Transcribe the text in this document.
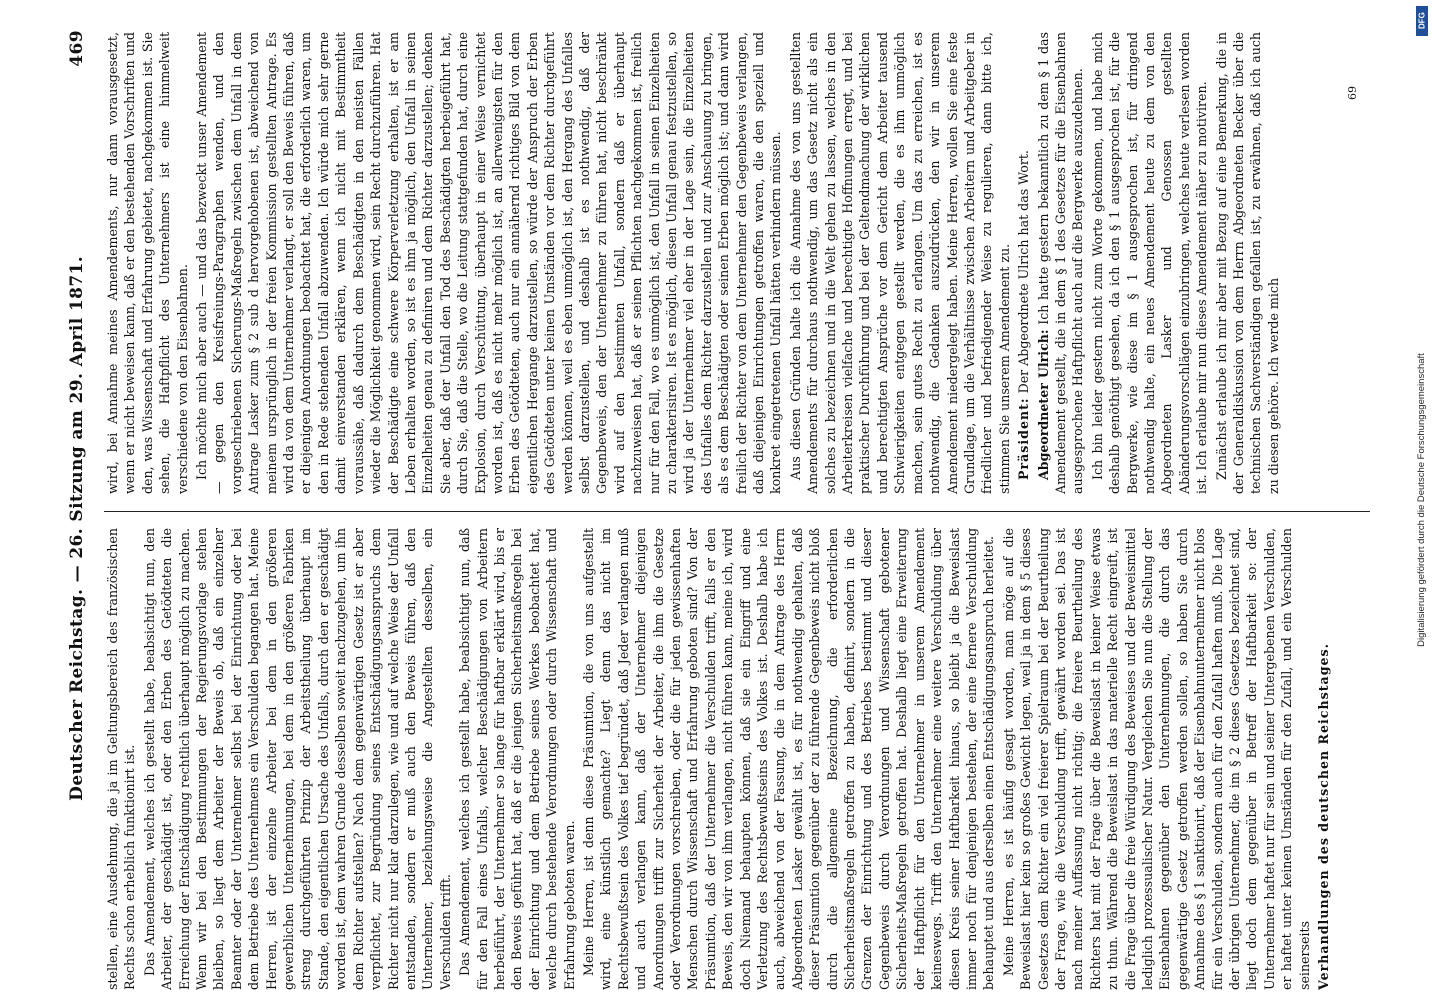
Deutscher Reichstag. — 26. Sitzung am 29. April 1871.
469

stellen, eine Ausdehnung, die ja im Geltungsbereich des französischen Rechts schon erheblich funktionirt ist. Das Amendement, welches ich gestellt habe, beabsichtigt nun, den Arbeiter, der geschädigt ist, oder den Erben des Getödteten die Erreichung der Entschädigung rechtlich überhaupt möglich zu machen. Wenn wir bei den Bestimmungen der Regierungsvorlage stehen bleiben, so liegt dem Arbeiter der Beweis ob, daß ein einzelner Beamter oder der Unternehmer selbst bei der Einrichtung oder bei dem Betriebe des Unternehmens ein Verschulden begangen hat. Meine Herren, ist der einzelne Arbeiter bei dem in den größeren gewerblichen Unternehmungen, bei dem in den größeren Fabriken streng durchgeführten Prinzip der Arbeitstheilung überhaupt im Stande, den eigentlichen Ursache des Unfalls, durch den er geschädigt worden ist, dem wahren Grunde desselben soweit nachzugehen, um ihn dem Richter aufstellen? Nach dem gegenwärtigen Gesetz ist er aber verpflichtet, zur Begründung seines Entschädigungsanspruchs dem Richter nicht nur klar darzulegen, wie und auf welche Weise der Unfall entstanden, sondern er muß auch den Beweis führen, daß den Unternehmer, beziehungsweise die Angestellten desselben, ein Verschulden trifft. Das Amendement, welches ich gestellt habe, beabsichtigt nun, daß für den Fall eines Unfalls, welcher Beschädigungen von Arbeitern herbeiführt, der Unternehmer so lange für haftbar erklärt wird, bis er den Beweis geführt hat, daß er die jenigen Sicherheitsmaßregeln bei der Einrichtung und dem Betriebe seines Werkes beobachtet hat, welche durch bestehende Verordnungen oder durch Wissenschaft und Erfahrung geboten waren. Meine Herren, ist denn diese Präsumtion, die von uns aufgestellt wird, eine künstlich gemachte? Liegt denn das nicht im Rechtsbewußtsein des Volkes tief begründet, daß Jeder verlangen muß und auch verlangen kann, daß der Unternehmer diejenigen Anordnungen trifft zur Sicherheit der Arbeiter, die ihm die Gesetze oder Verordnungen vorschreiben, oder die für jeden gewissenhaften Menschen durch Wissenschaft und Erfahrung geboten sind? Von der Präsumtion, daß der Unternehmer die Verschulden trifft, falls er den Beweis, den wir von ihm verlangen, nicht führen kann, meine ich, wird doch Niemand behaupten können, daß sie ein Eingriff und eine Verletzung des Rechtsbewußtseins des Volkes ist. Deshalb habe ich auch, abweichend von der Fassung, die in dem Antrage des Herrn Abgeordneten Lasker gewählt ist, es für nothwendig gehalten, daß dieser Präsumtion gegenüber der zu führende Gegenbeweis nicht bloß durch die allgemeine Bezeichnung, die erforderlichen Sicherheitsmaßregeln getroffen zu haben, definirt, sondern in die Grenzen der Einrichtung und des Betriebes bestimmt und dieser Gegenbeweis durch Verordnungen und Wissenschaft gebotener Sicherheits-Maßregeln getroffen hat. Deshalb liegt eine Erweiterung der Haftpflicht für den Unternehmer in unserem Amendement keineswegs. Trifft den Unternehmer eine weitere Verschuldung über diesen Kreis seiner Haftbarkeit hinaus, so bleibt ja die Beweislast immer noch für denjenigen bestehen, der eine fernere Verschuldung behauptet und aus derselben einen Entschädigungsanspruch herleitet. Meine Herren, es ist häufig gesagt worden, man möge auf die Beweislast hier kein so großes Gewicht legen, weil ja in dem § 5 dieses Gesetzes dem Richter ein viel freierer Spielraum bei der Beurtheilung der Frage, wie die Verschuldung trifft, gewährt worden sei. Das ist nach meiner Auffassung nicht richtig; die freiere Beurtheilung des Richters hat mit der Frage über die Beweislast in keiner Weise etwas zu thun. Während die Beweislast in das materielle Recht eingreift, ist die Frage über die freie Würdigung des Beweises und der Beweismittel lediglich prozessualischer Natur. Vergleichen Sie nun die Stellung der Eisenbahnen gegenüber den Unternehmungen, die durch das gegenwärtige Gesetz getroffen werden sollen, so haben Sie durch Annahme des § 1 sanktionirt, daß der Eisenbahnunternehmer nicht blos für ein Verschulden, sondern auch für den Zufall haften muß. Die Lage der übrigen Unternehmer, die im § 2 dieses Gesetzes bezeichnet sind, liegt doch dem gegenüber in Betreff der Haftbarkeit so: der Unternehmer haftet nur für sein und seiner Untergebenen Verschulden, er haftet unter keinen Umständen für den Zufall, und ein Verschulden seinerseits Verhandlungen des deutschen Reichstages.

wird, bei Annahme meines Amendements, nur dann vorausgesetzt, wenn er nicht beweisen kann, daß er den bestehenden Vorschriften und den, was Wissenschaft und Erfahrung gebietet, nachgekommen ist. Sie sehen, die Haftpflicht des Unternehmers ist eine himmelweit verschiedene von den Eisenbahnen. Ich möchte mich aber auch — und das bezweckt unser Amendement — gegen den Kreisfreiungs-Paragraphen wenden, und den vorgeschriebenen Sicherungs-Maßregeln zwischen dem Unfall in dem Antrage Lasker zum § 2 sub d hervorgehobenen ist, abweichend von meinem ursprünglich in der freien Kommission gestellten Antrage. Es wird da von dem Unternehmer verlangt, er soll den Beweis führen, daß er diejenigen Anordnungen beobachtet hat, die erforderlich waren, um den in Rede stehenden Unfall abzuwenden. Ich würde mich sehr gerne damit einverstanden erklären, wenn ich nicht mit Bestimmtheit voraussähe, daß dadurch dem Beschädigten in den meisten Fällen wieder die Möglichkeit genommen wird, sein Recht durchzuführen. Hat der Beschädigte eine schwere Körperverletzung erhalten, ist er am Leben erhalten worden, so ist es ihm ja möglich, den Unfall in seinen Einzelheiten genau zu definiren und dem Richter darzustellen; denken Sie aber, daß der Unfall den Tod des Beschädigten herbeigeführt hat, durch Sie, daß die Stelle, wo die Leitung stattgefunden hat, durch eine Explosion, durch Verschüttung, überhaupt in einer Weise vernichtet worden ist, daß es nicht mehr möglich ist, an allerwenigsten für den Erben des Getödteten, auch nur ein annähernd richtiges Bild von dem eigentlichen Hergange darzustellen, so würde der Anspruch der Erben des Getödteten unter keinen Umständen vor dem Richter durchgeführt werden können, weil es eben unmöglich ist, den Hergang des Unfalles selbst darzustellen, und deshalb ist es nothwendig, daß der Gegenbeweis, den der Unternehmer zu führen hat, nicht beschränkt wird auf den bestimmten Unfall, sondern daß er überhaupt nachzuweisen hat, daß er seinen Pflichten nachgekommen ist, freilich nur für den Fall, wo es unmöglich ist, den Unfall in seinen Einzelheiten zu charakterisiren. Ist es möglich, diesen Unfall genau festzustellen, so wird ja der Unternehmer viel eher in der Lage sein, die Einzelheiten des Unfalles dem Richter darzustellen und zur Anschauung zu bringen, als es dem Beschädigten oder seinen Erben möglich ist; und dann wird freilich der Richter von dem Unternehmer den Gegenbeweis verlangen, daß diejenigen Einrichtungen getroffen waren, die den speziell und konkret eingetretenen Unfall hätten verhindern müssen. Aus diesen Gründen halte ich die Annahme des von uns gestellten Amendements für durchaus nothwendig, um das Gesetz nicht als ein solches zu bezeichnen und in die Welt gehen zu lassen, welches in den Arbeiterkreisen vielfache und berechtigte Hoffnungen erregt, und bei praktischer Durchführung und bei der Geltendmachung der wirklichen und berechtigten Ansprüche vor dem Gericht dem Arbeiter tausend Schwierigkeiten entgegen gestellt werden, die es ihm unmöglich machen, sein gutes Recht zu erlangen. Um das zu erreichen, ist es nothwendig, die Gedanken auszudrücken, den wir in unserem Amendement niedergelegt haben. Meine Herren, wollen Sie eine feste Grundlage, um die Verhältnisse zwischen Arbeitern und Arbeitgeber in friedlicher und befriedigender Weise zu regulieren, dann bitte ich, stimmen Sie unserem Amendement zu. Präsident: Der Abgeordnete Ulrich hat das Wort.

Abgeordneter Ulrich: Ich hatte gestern bekanntlich zu dem § 1 das Amendement gestellt, die in dem § 1 des Gesetzes für die Eisenbahnen ausgesprochene Haftpflicht auch auf die Bergwerke auszudehnen. Ich bin leider gestern nicht zum Worte gekommen, und habe mich deshalb genöthigt gesehen, da ich den § 1 ausgesprochen ist, für die Bergwerke, wie diese im § 1 ausgesprochen ist, für dringend nothwendig halte, ein neues Amendement heute zu dem von den Abgeordneten Lasker und Genossen gestellten Abänderungsvorschlägen einzubringen, welches heute verlesen worden ist. Ich erlaube mir nun dieses Amendement näher zu motiviren. Zunächst erlaube ich mir aber mit Bezug auf eine Bemerkung, die in der Generaldiskussion von dem Herrn Abgeordneten Becker über die technischen Sachverständigen gefallen ist, zu erwähnen, daß ich auch zu diesen gehöre. Ich werde mich

69
Digitalisierung gefördert durch die Deutsche Forschungsgemeinschaft
DFG
